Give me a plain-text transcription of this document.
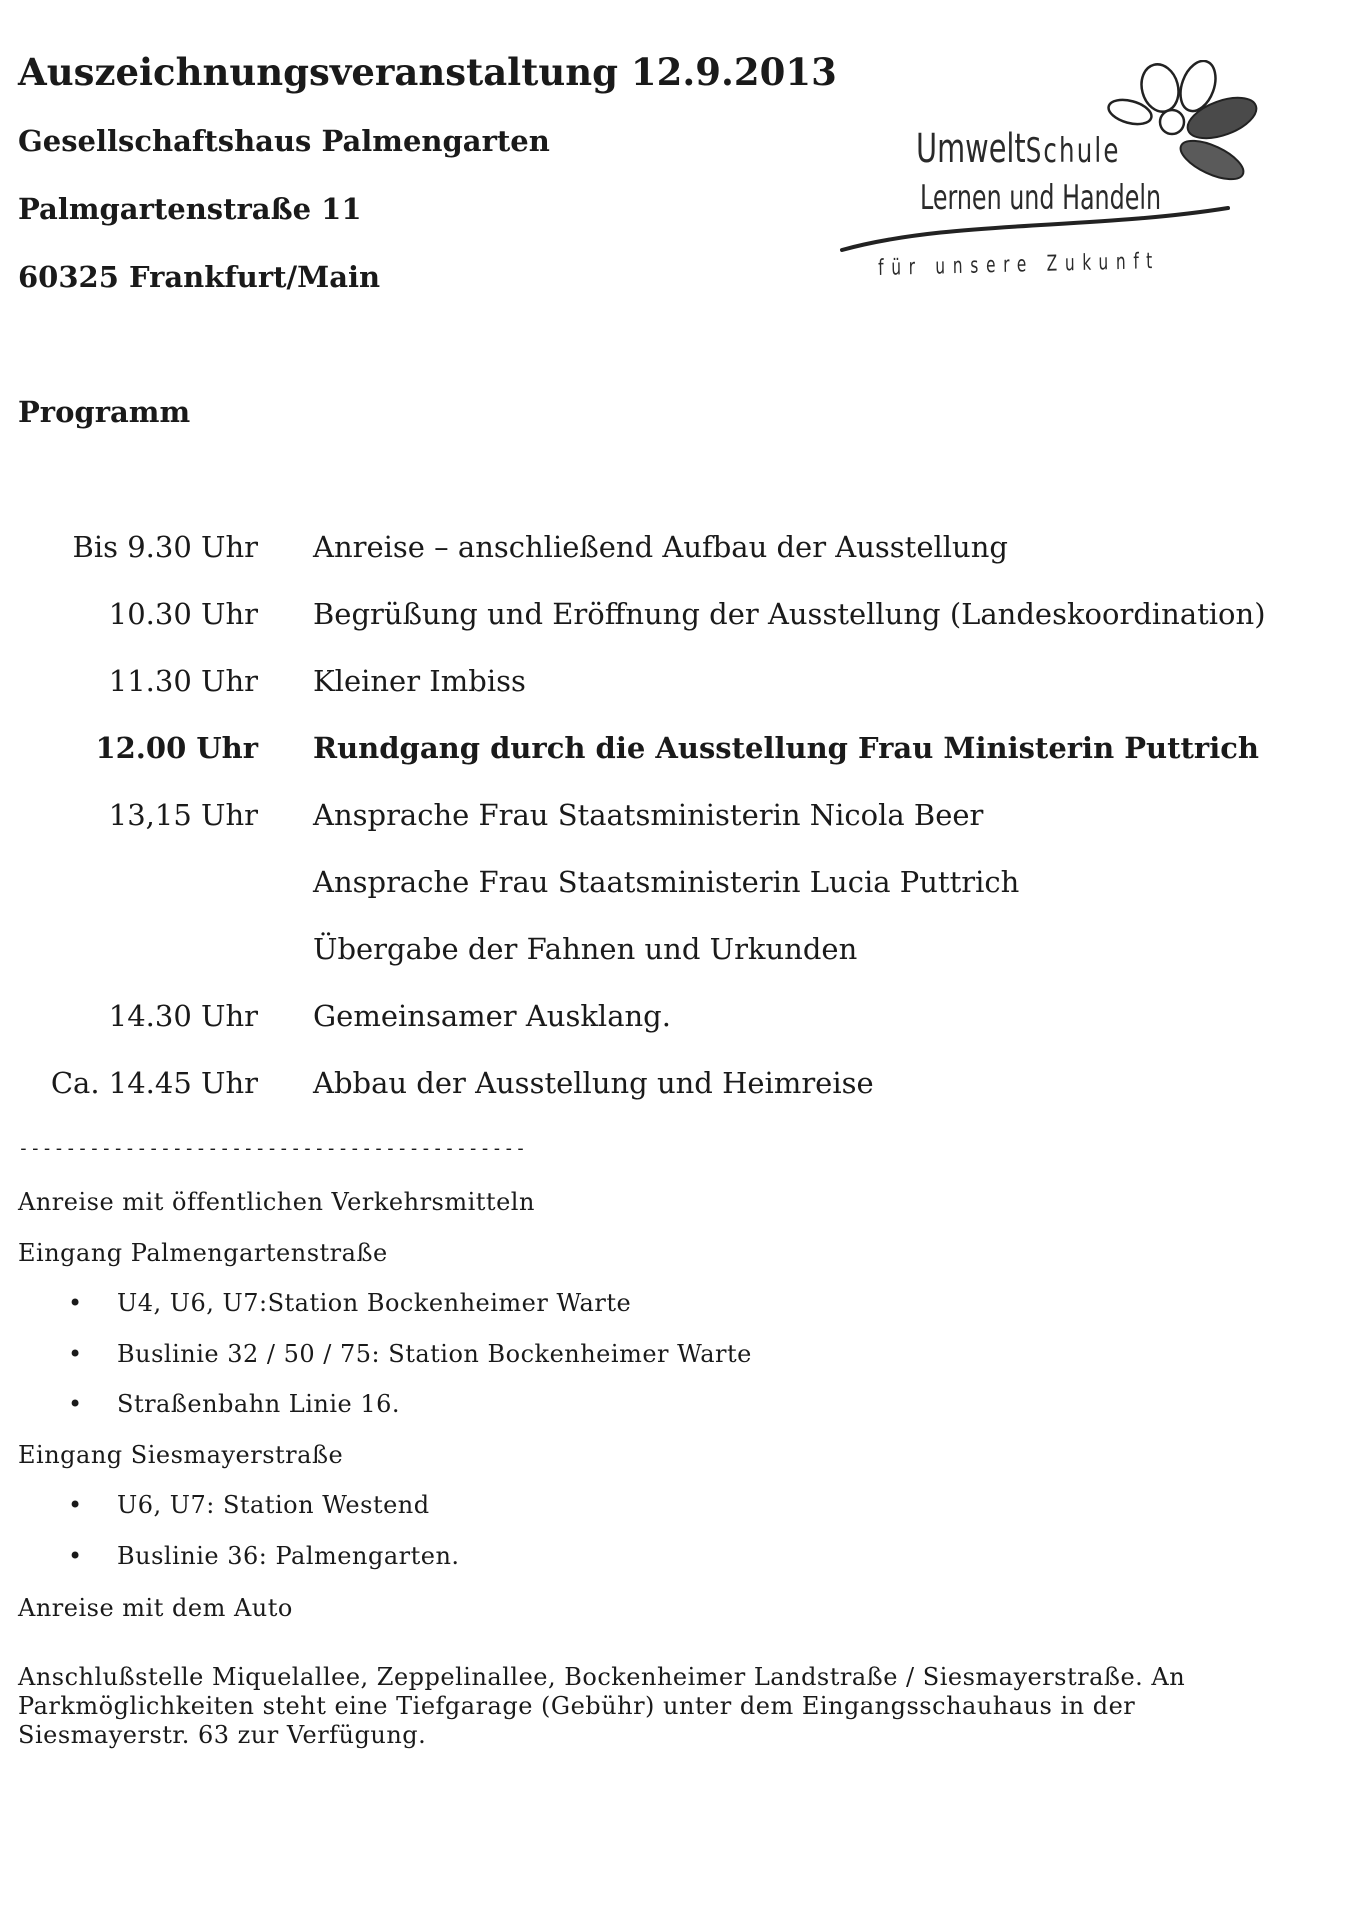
Auszeichnungsveranstaltung 12.9.2013
Gesellschaftshaus Palmengarten
Palmgartenstraße 11
60325 Frankfurt/Main
UmweltSchule
Lernen und Handeln
für unsere Zukunft
Programm
Bis 9.30 Uhr Anreise – anschließend Aufbau der Ausstellung
10.30 Uhr Begrüßung und Eröffnung der Ausstellung (Landeskoordination)
11.30 Uhr Kleiner Imbiss
12.00 Uhr Rundgang durch die Ausstellung Frau Ministerin Puttrich
13,15 Uhr Ansprache Frau Staatsministerin Nicola Beer
Ansprache Frau Staatsministerin Lucia Puttrich
Übergabe der Fahnen und Urkunden
14.30 Uhr Gemeinsamer Ausklang.
Ca. 14.45 Uhr Abbau der Ausstellung und Heimreise
-------------------------------------------
Anreise mit öffentlichen Verkehrsmitteln
Eingang Palmengartenstraße
• U4, U6, U7:Station Bockenheimer Warte
• Buslinie 32 / 50 / 75: Station Bockenheimer Warte
• Straßenbahn Linie 16.
Eingang Siesmayerstraße
• U6, U7: Station Westend
• Buslinie 36: Palmengarten.
Anreise mit dem Auto
Anschlußstelle Miquelallee, Zeppelinallee, Bockenheimer Landstraße / Siesmayerstraße. An Parkmöglichkeiten steht eine Tiefgarage (Gebühr) unter dem Eingangsschauhaus in der Siesmayerstr. 63 zur Verfügung.
